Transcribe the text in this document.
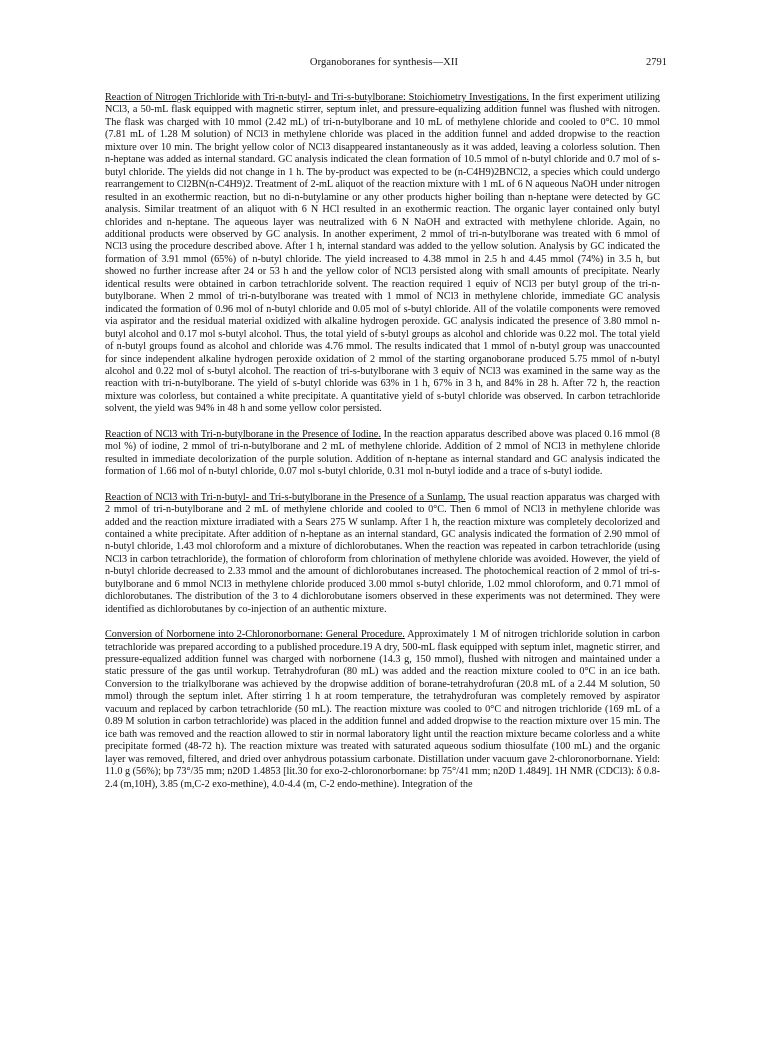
Organoboranes for synthesis—XII	2791

Reaction of Nitrogen Trichloride with Tri-n-butyl- and Tri-s-butylborane: Stoichiometry Investigations. In the first experiment utilizing NCl3, a 50-mL flask equipped with magnetic stirrer, septum inlet, and pressure-equalizing addition funnel was flushed with nitrogen. The flask was charged with 10 mmol (2.42 mL) of tri-n-butylborane and 10 mL of methylene chloride and cooled to 0°C. 10 mmol (7.81 mL of 1.28 M solution) of NCl3 in methylene chloride was placed in the addition funnel and added dropwise to the reaction mixture over 10 min. The bright yellow color of NCl3 disappeared instantaneously as it was added, leaving a colorless solution. Then n-heptane was added as internal standard. GC analysis indicated the clean formation of 10.5 mmol of n-butyl chloride and 0.7 mol of s-butyl chloride. The yields did not change in 1 h. The by-product was expected to be (n-C4H9)2BNCl2, a species which could undergo rearrangement to Cl2BN(n-C4H9)2. Treatment of 2-mL aliquot of the reaction mixture with 1 mL of 6 N aqueous NaOH under nitrogen resulted in an exothermic reaction, but no di-n-butylamine or any other products higher boiling than n-heptane were detected by GC analysis. Similar treatment of an aliquot with 6 N HCl resulted in an exothermic reaction. The organic layer contained only butyl chlorides and n-heptane. The aqueous layer was neutralized with 6 N NaOH and extracted with methylene chloride. Again, no additional products were observed by GC analysis. In another experiment, 2 mmol of tri-n-butylborane was treated with 6 mmol of NCl3 using the procedure described above. After 1 h, internal standard was added to the yellow solution. Analysis by GC indicated the formation of 3.91 mmol (65%) of n-butyl chloride. The yield increased to 4.38 mmol in 2.5 h and 4.45 mmol (74%) in 3.5 h, but showed no further increase after 24 or 53 h and the yellow color of NCl3 persisted along with small amounts of precipitate. Nearly identical results were obtained in carbon tetrachloride solvent. The reaction required 1 equiv of NCl3 per butyl group of the tri-n-butylborane. When 2 mmol of tri-n-butylborane was treated with 1 mmol of NCl3 in methylene chloride, immediate GC analysis indicated the formation of 0.96 mol of n-butyl chloride and 0.05 mol of s-butyl chloride. All of the volatile components were removed via aspirator and the residual material oxidized with alkaline hydrogen peroxide. GC analysis indicated the presence of 3.80 mmol n-butyl alcohol and 0.17 mol s-butyl alcohol. Thus, the total yield of s-butyl groups as alcohol and chloride was 0.22 mol. The total yield of n-butyl groups found as alcohol and chloride was 4.76 mmol. The results indicated that 1 mmol of n-butyl group was unaccounted for since independent alkaline hydrogen peroxide oxidation of 2 mmol of the starting organoborane produced 5.75 mmol of n-butyl alcohol and 0.22 mol of s-butyl alcohol. The reaction of tri-s-butylborane with 3 equiv of NCl3 was examined in the same way as the reaction with tri-n-butylborane. The yield of s-butyl chloride was 63% in 1 h, 67% in 3 h, and 84% in 28 h. After 72 h, the reaction mixture was colorless, but contained a white precipitate. A quantitative yield of s-butyl chloride was observed. In carbon tetrachloride solvent, the yield was 94% in 48 h and some yellow color persisted.

Reaction of NCl3 with Tri-n-butylborane in the Presence of Iodine. In the reaction apparatus described above was placed 0.16 mmol (8 mol %) of iodine, 2 mmol of tri-n-butylborane and 2 mL of methylene chloride. Addition of 2 mmol of NCl3 in methylene chloride resulted in immediate decolorization of the purple solution. Addition of n-heptane as internal standard and GC analysis indicated the formation of 1.66 mol of n-butyl chloride, 0.07 mol s-butyl chloride, 0.31 mol n-butyl iodide and a trace of s-butyl iodide.

Reaction of NCl3 with Tri-n-butyl- and Tri-s-butylborane in the Presence of a Sunlamp. The usual reaction apparatus was charged with 2 mmol of tri-n-butylborane and 2 mL of methylene chloride and cooled to 0°C. Then 6 mmol of NCl3 in methylene chloride was added and the reaction mixture irradiated with a Sears 275 W sunlamp. After 1 h, the reaction mixture was completely decolorized and contained a white precipitate. After addition of n-heptane as an internal standard, GC analysis indicated the formation of 2.90 mmol of n-butyl chloride, 1.43 mol chloroform and a mixture of dichlorobutanes. When the reaction was repeated in carbon tetrachloride (using NCl3 in carbon tetrachloride), the formation of chloroform from chlorination of methylene chloride was avoided. However, the yield of n-butyl chloride decreased to 2.33 mmol and the amount of dichlorobutanes increased. The photochemical reaction of 2 mmol of tri-s-butylborane and 6 mmol NCl3 in methylene chloride produced 3.00 mmol s-butyl chloride, 1.02 mmol chloroform, and 0.71 mmol of dichlorobutanes. The distribution of the 3 to 4 dichlorobutane isomers observed in these experiments was not determined. They were identified as dichlorobutanes by co-injection of an authentic mixture.

Conversion of Norbornene into 2-Chloronorbornane: General Procedure. Approximately 1 M of nitrogen trichloride solution in carbon tetrachloride was prepared according to a published procedure.19 A dry, 500-mL flask equipped with septum inlet, magnetic stirrer, and pressure-equalized addition funnel was charged with norbornene (14.3 g, 150 mmol), flushed with nitrogen and maintained under a static pressure of the gas until workup. Tetrahydrofuran (80 mL) was added and the reaction mixture cooled to 0°C in an ice bath. Conversion to the trialkylborane was achieved by the dropwise addition of borane-tetrahydrofuran (20.8 mL of a 2.44 M solution, 50 mmol) through the septum inlet. After stirring 1 h at room temperature, the tetrahydrofuran was completely removed by aspirator vacuum and replaced by carbon tetrachloride (50 mL). The reaction mixture was cooled to 0°C and nitrogen trichloride (169 mL of a 0.89 M solution in carbon tetrachloride) was placed in the addition funnel and added dropwise to the reaction mixture over 15 min. The ice bath was removed and the reaction allowed to stir in normal laboratory light until the reaction mixture became colorless and a white precipitate formed (48-72 h). The reaction mixture was treated with saturated aqueous sodium thiosulfate (100 mL) and the organic layer was removed, filtered, and dried over anhydrous potassium carbonate. Distillation under vacuum gave 2-chloronorbornane. Yield: 11.0 g (56%); bp 73°/35 mm; n20D 1.4853 [lit.30 for exo-2-chloronorbornane: bp 75°/41 mm; n20D 1.4849]. 1H NMR (CDCl3): δ 0.8-2.4 (m,10H), 3.85 (m,C-2 exo-methine), 4.0-4.4 (m, C-2 endo-methine). Integration of the
